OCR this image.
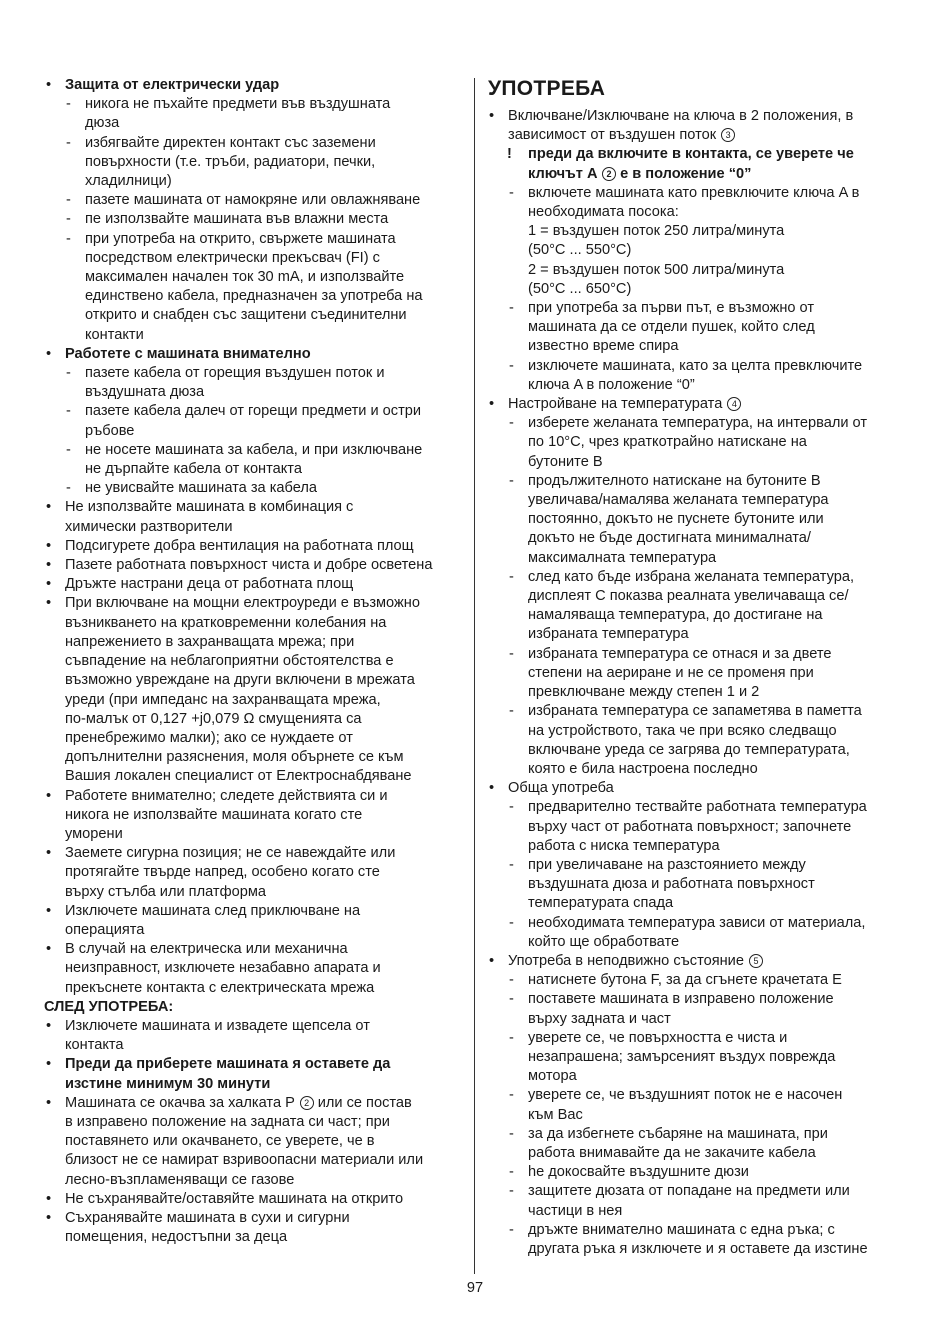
• Защита от електрически удар
- никога не пъхайте предмети във въздушната
дюза
- избягвайте директен контакт със заземени
повърхности (т.е. тръби, радиатори, печки,
хладилници)
- пазете машината от намокряне или овлажняване
- пе използвайте машината във влажни места
- при употреба на открито, свържете машината
посредством електрически прекъсвач (FI) с
максимален начален ток 30 mA, и използвайте
единствено кабела, предназначен за употреба на
открито и снабден със защитени съединителни
контакти
• Работете с машината внимателно
- пазете кабела от горещия въздушен поток и
въздушната дюза
- пазете кабела далеч от горещи предмети и остри
ръбове
- не носете машината за кабела, и при изключване
не дърпайте кабела от контакта
- не увисвайте машината за кабела
• Не използвайте машината в комбинация с
химически разтворители
• Подсигурете добра вентилация на работната площ
• Пазете работната повърхност чиста и добре осветена
• Дръжте настрани деца от работната площ
• При включване на мощни електроуреди е възможно
възникването на кратковременни колебания на
напрежението в захранващата мрежа; при
съвпадение на неблагоприятни обстоятелства е
възможно увреждане на други включени в мрежата
уреди (при импеданс на захранващата мрежа,
по-малък от 0,127 +j0,079 Ω смущенията са
пренебрежимо малки); ако се нуждаете от
допълнителни разяснения, моля обърнете се към
Вашия локален специалист от Електроснабдяване
• Работете внимателно; следете действията си и
никога не използвайте машината когато сте
уморени
• Заемете сигурна позиция; не се навеждайте или
протягайте твърде напред, особено когато сте
върху стълба или платформа
• Изключете машината след приключване на
операцията
• В случай на електрическа или механична
неизправност, изключете незабавно апарата и
прекъснете контакта с електрическата мрежа
СЛЕД УПОТРЕБА:
• Изключете машината и извадете щепсела от
контакта
• Преди да приберете машината я оставете да
изстине минимум 30 минути
• Машината се окачва за халката P 2 или се постав
в изправено положение на задната си част; при
поставянето или окачването, се уверете, че в
близост не се намират взривоопасни материали или
лесно-възпламеняващи се газове
• Не съхранявайте/оставяйте машината на открито
• Съхранявайте машината в сухи и сигурни
помещения, недостъпни за деца
УПОТРЕБА
• Включване/Изключване на ключа в 2 положения, в
зависимост от въздушен поток 3
! преди да включите в контакта, се уверете че
ключът A 2 е в положение “0”
- включете машината като превключите ключа A в
необходимата посока:
1 = въздушен поток 250 литра/минута
(50°C ... 550°C)
2 = въздушен поток 500 литра/минута
(50°C ... 650°C)
- при употреба за първи път, е възможно от
машината да се отдели пушек, който след
известно време спира
- изключете машината, като за целта превключите
ключа A в положение “0”
• Настройване на температурата 4
- изберете желаната температура, на интервали от
по 10°C, чрез краткотрайно натискане на
бутоните B
- продължителното натискане на бутоните B
увеличава/намалява желаната температура
постоянно, докъто не пуснете бутоните или
докъто не бъде достигната минималната/
максималната температура
- след като бъде избрана желаната температура,
дисплеят C показва реалната увеличаваща се/
намаляваща температура, до достигане на
избраната температура
- избраната температура се отнася и за двете
степени на аериране и не се променя при
превключване между степен 1 и 2
- избраната температура се запаметява в паметта
на устройството, така че при всяко следващо
включване уреда се загрява до температурата,
която е била настроена последно
• Обща употреба
- предварително тествайте работната температура
върху част от работната повърхност; започнете
работа с ниска температура
- при увеличаване на разстоянието между
въздушната дюза и работната повърхност
температурата спада
- необходимата температура зависи от материала,
който ще обработвате
• Употреба в неподвижно състояние 5
- натиснете бутона F, за да сгънете крачетата E
- поставете машината в изправено положение
върху задната и част
- уверете се, че повърхността е чиста и
незапрашена; замърсеният въздух поврежда
мотора
- уверете се, че въздушният поток не е насочен
към Вас
- за да избегнете събаряне на машината, при
работа внимавайте да не закачите кабела
- he докосвайте въздушните дюзи
- защитете дюзата от попадане на предмети или
частици в нея
- дръжте внимателно машината с една ръка; с
другата ръка я изключете и я оставете да изстине
97
